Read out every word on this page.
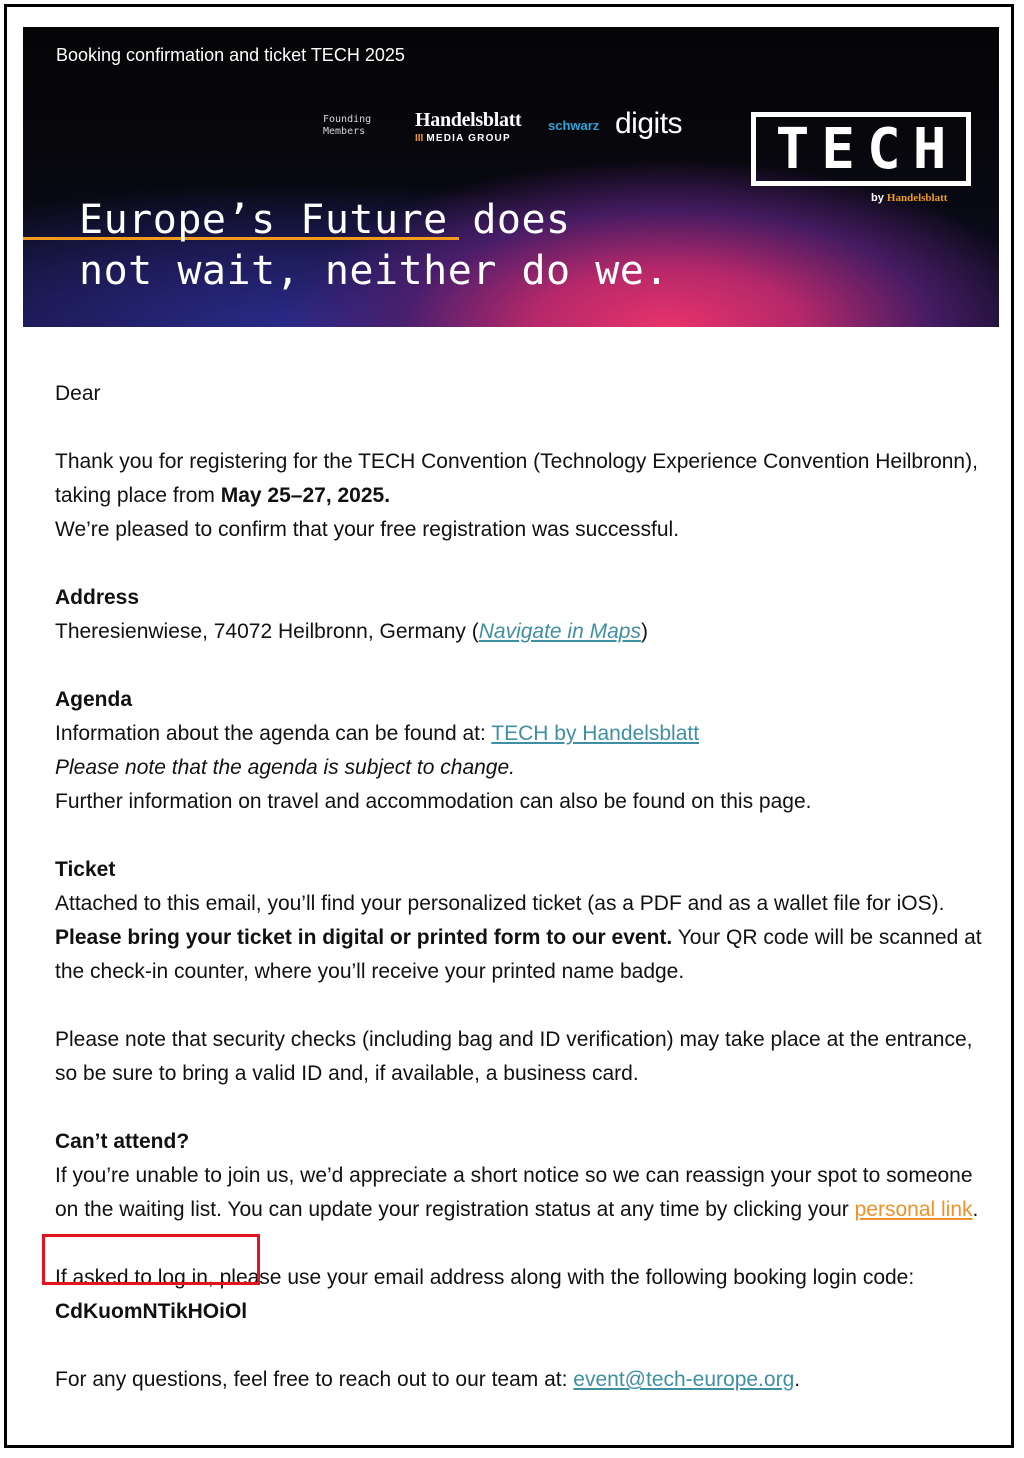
Booking confirmation and ticket TECH 2025
Founding
Members
Handelsblatt
III MEDIA GROUP
schwarz digits	TECH
by Handelsblatt
Europe’s Future does
not wait, neither do we.

Dear

Thank you for registering for the TECH Convention (Technology Experience Convention Heilbronn), taking place from May 25–27, 2025.

We’re pleased to confirm that your free registration was successful.

Address

Theresienwiese, 74072 Heilbronn, Germany (Navigate in Maps)

Agenda

Information about the agenda can be found at: TECH by Handelsblatt

Please note that the agenda is subject to change.

Further information on travel and accommodation can also be found on this page.

Ticket

Attached to this email, you’ll find your personalized ticket (as a PDF and as a wallet file for iOS). Please bring your ticket in digital or printed form to our event. Your QR code will be scanned at the check-in counter, where you’ll receive your printed name badge.

Please note that security checks (including bag and ID verification) may take place at the entrance, so be sure to bring a valid ID and, if available, a business card.

Can’t attend?

If you’re unable to join us, we’d appreciate a short notice so we can reassign your spot to someone on the waiting list. You can update your registration status at any time by clicking your personal link.

If asked to log in, please use your email address along with the following booking login code: CdKuomNTikHOiOl

For any questions, feel free to reach out to our team at: event@tech-europe.org.
